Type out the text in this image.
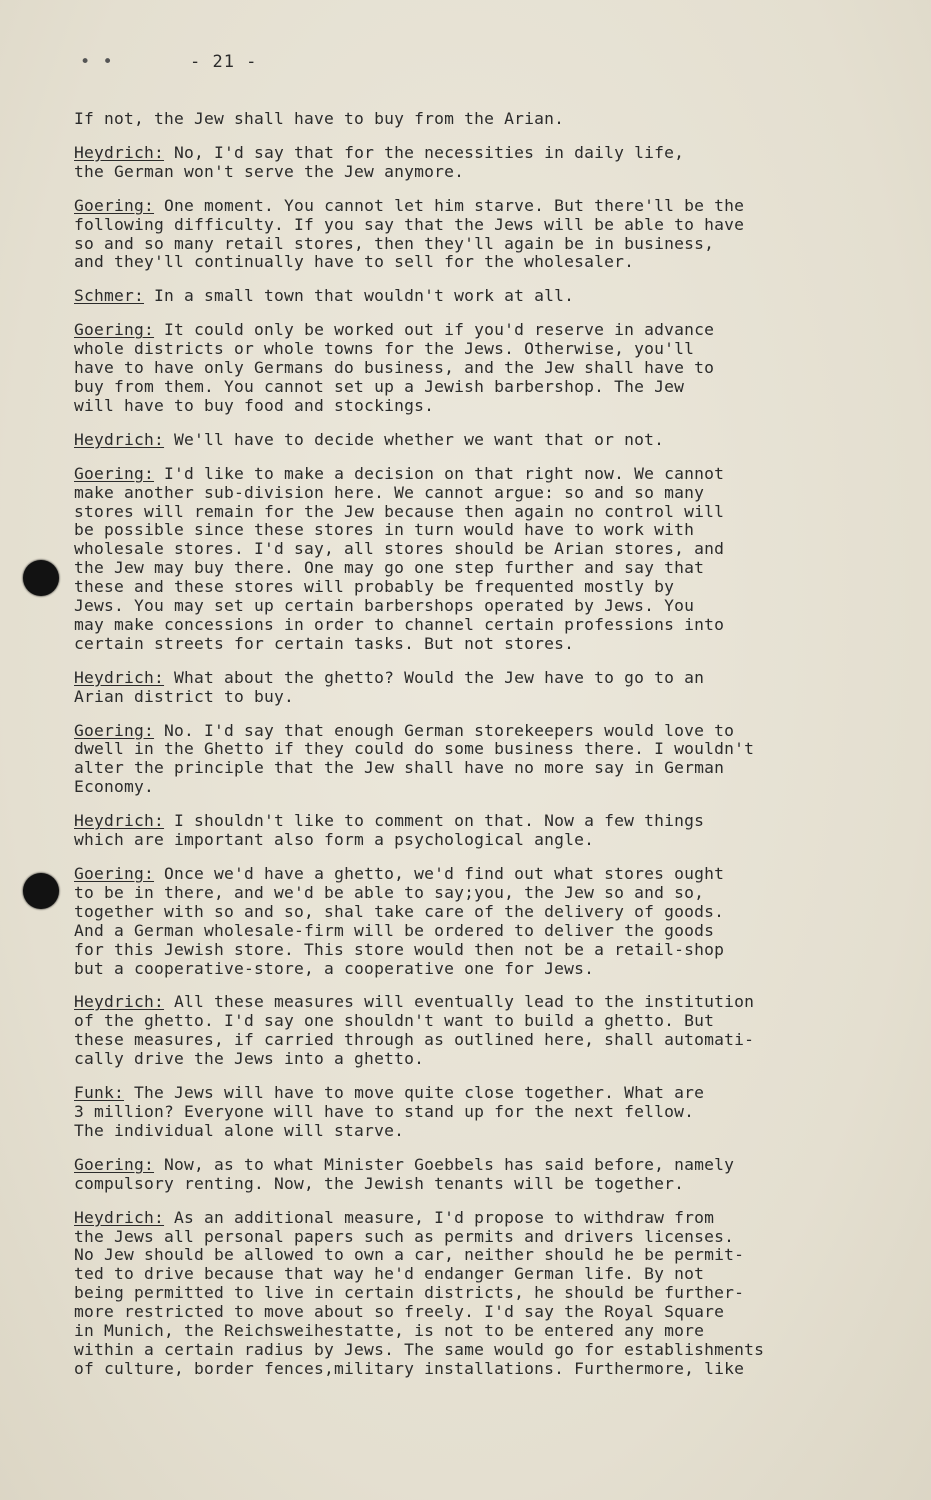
• •	- 21 -

If not, the Jew shall have to buy from the Arian.

Heydrich: No, I'd say that for the necessities in daily life,
the German won't serve the Jew anymore.

Goering: One moment. You cannot let him starve. But there'll be the
following difficulty. If you say that the Jews will be able to have
so and so many retail stores, then they'll again be in business,
and they'll continually have to sell for the wholesaler.

Schmer: In a small town that wouldn't work at all.

Goering: It could only be worked out if you'd reserve in advance
whole districts or whole towns for the Jews. Otherwise, you'll
have to have only Germans do business, and the Jew shall have to
buy from them. You cannot set up a Jewish barbershop. The Jew
will have to buy food and stockings.

Heydrich: We'll have to decide whether we want that or not.

Goering: I'd like to make a decision on that right now. We cannot
make another sub-division here. We cannot argue: so and so many
stores will remain for the Jew because then again no control will
be possible since these stores in turn would have to work with
wholesale stores. I'd say, all stores should be Arian stores, and
the Jew may buy there. One may go one step further and say that
these and these stores will probably be frequented mostly by
Jews. You may set up certain barbershops operated by Jews. You
may make concessions in order to channel certain professions into
certain streets for certain tasks. But not stores.

Heydrich: What about the ghetto? Would the Jew have to go to an
Arian district to buy.

Goering: No. I'd say that enough German storekeepers would love to
dwell in the Ghetto if they could do some business there. I wouldn't
alter the principle that the Jew shall have no more say in German
Economy.

Heydrich: I shouldn't like to comment on that. Now a few things
which are important also form a psychological angle.

Goering: Once we'd have a ghetto, we'd find out what stores ought
to be in there, and we'd be able to say;you, the Jew so and so,
together with so and so, shal take care of the delivery of goods.
And a German wholesale-firm will be ordered to deliver the goods
for this Jewish store. This store would then not be a retail-shop
but a cooperative-store, a cooperative one for Jews.

Heydrich: All these measures will eventually lead to the institution
of the ghetto. I'd say one shouldn't want to build a ghetto. But
these measures, if carried through as outlined here, shall automati-
cally drive the Jews into a ghetto.

Funk: The Jews will have to move quite close together. What are
3 million? Everyone will have to stand up for the next fellow.
The individual alone will starve.

Goering: Now, as to what Minister Goebbels has said before, namely
compulsory renting. Now, the Jewish tenants will be together.

Heydrich: As an additional measure, I'd propose to withdraw from
the Jews all personal papers such as permits and drivers licenses.
No Jew should be allowed to own a car, neither should he be permit-
ted to drive because that way he'd endanger German life. By not
being permitted to live in certain districts, he should be further-
more restricted to move about so freely. I'd say the Royal Square
in Munich, the Reichsweihestatte, is not to be entered any more
within a certain radius by Jews. The same would go for establishments
of culture, border fences,military installations. Furthermore, like
